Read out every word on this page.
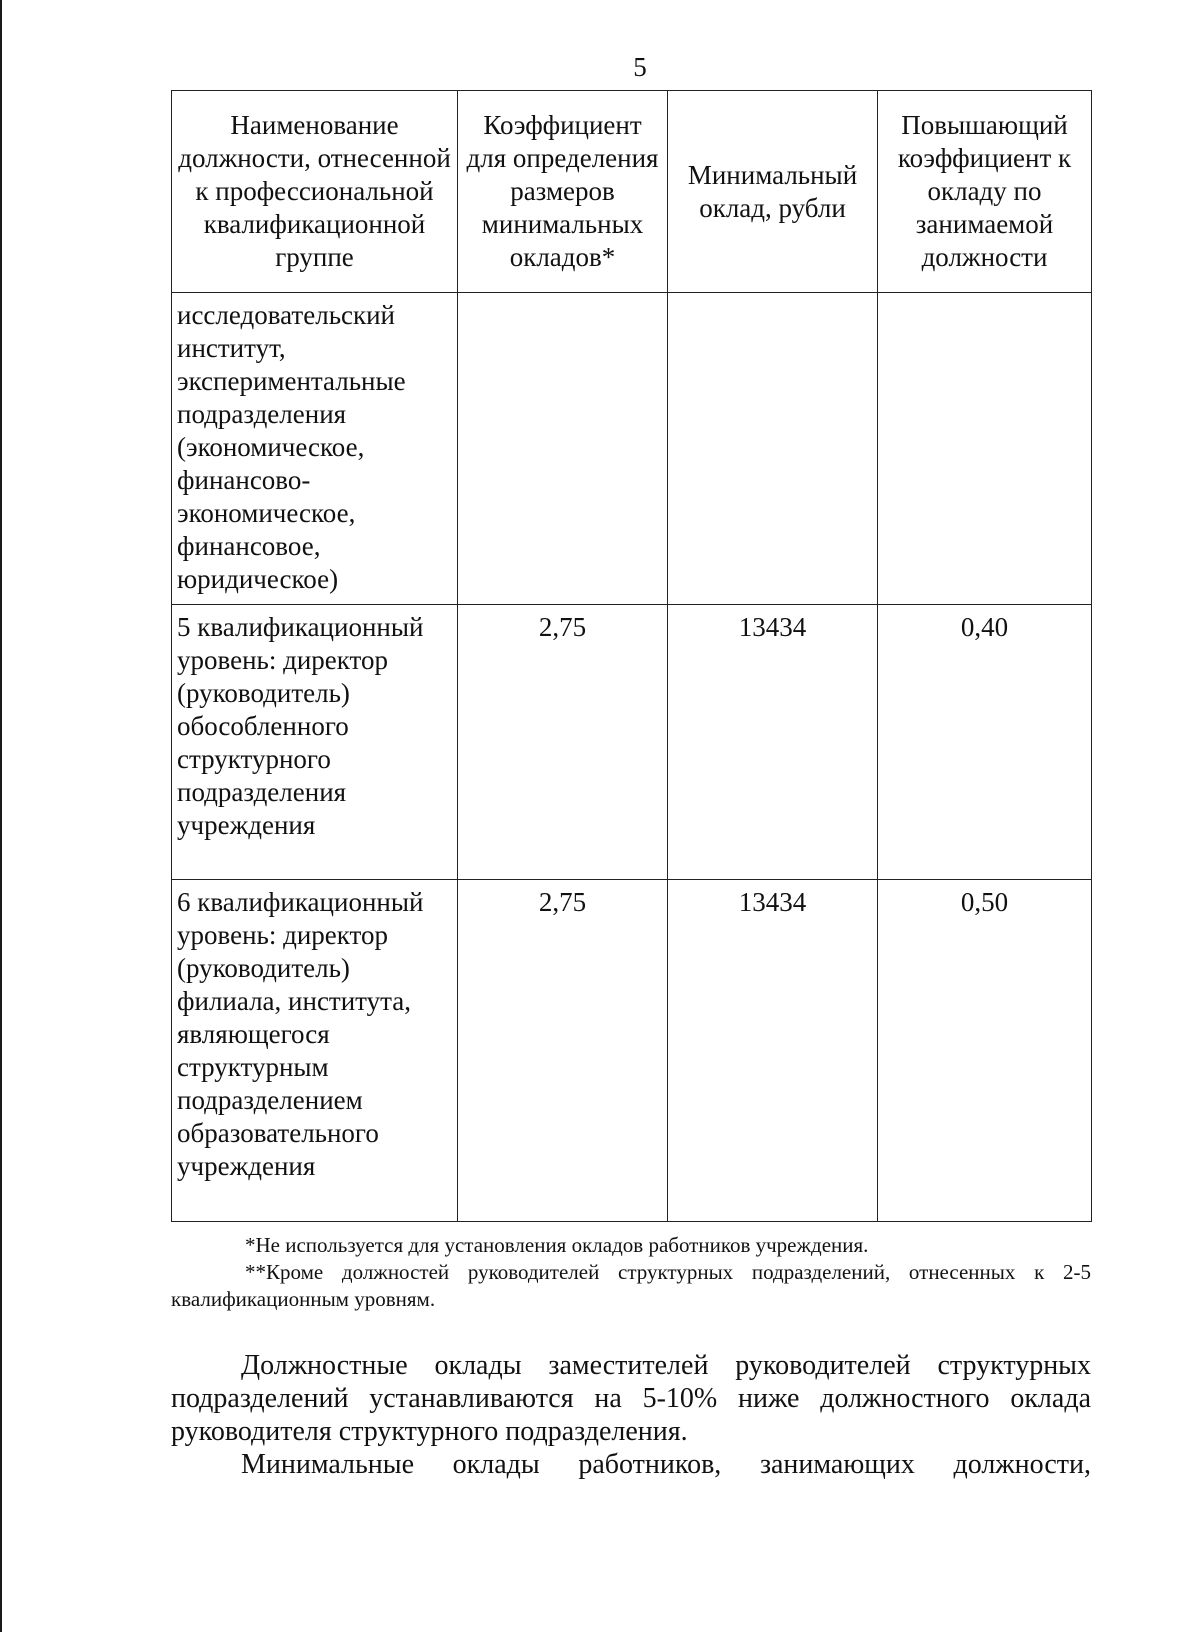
5
Наименование должности, отнесенной к профессиональной квалификационной группе	Коэффициент для определения размеров минимальных окладов*	Минимальный оклад, рубли	Повышающий коэффициент к окладу по занимаемой должности
исследовательский институт, экспериментальные подразделения (экономическое, финансово-экономическое, финансовое, юридическое)			
5 квалификационный уровень: директор (руководитель) обособленного структурного подразделения учреждения	2,75	13434	0,40
6 квалификационный уровень: директор (руководитель) филиала, института, являющегося структурным подразделением образовательного учреждения	2,75	13434	0,50

*Не используется для установления окладов работников учреждения.

**Кроме должностей руководителей структурных подразделений, отнесенных к 2-5 квалификационным уровням.

Должностные оклады заместителей руководителей структурных подразделений устанавливаются на 5-10% ниже должностного оклада руководителя структурного подразделения.

Минимальные оклады работников, занимающих должности,
